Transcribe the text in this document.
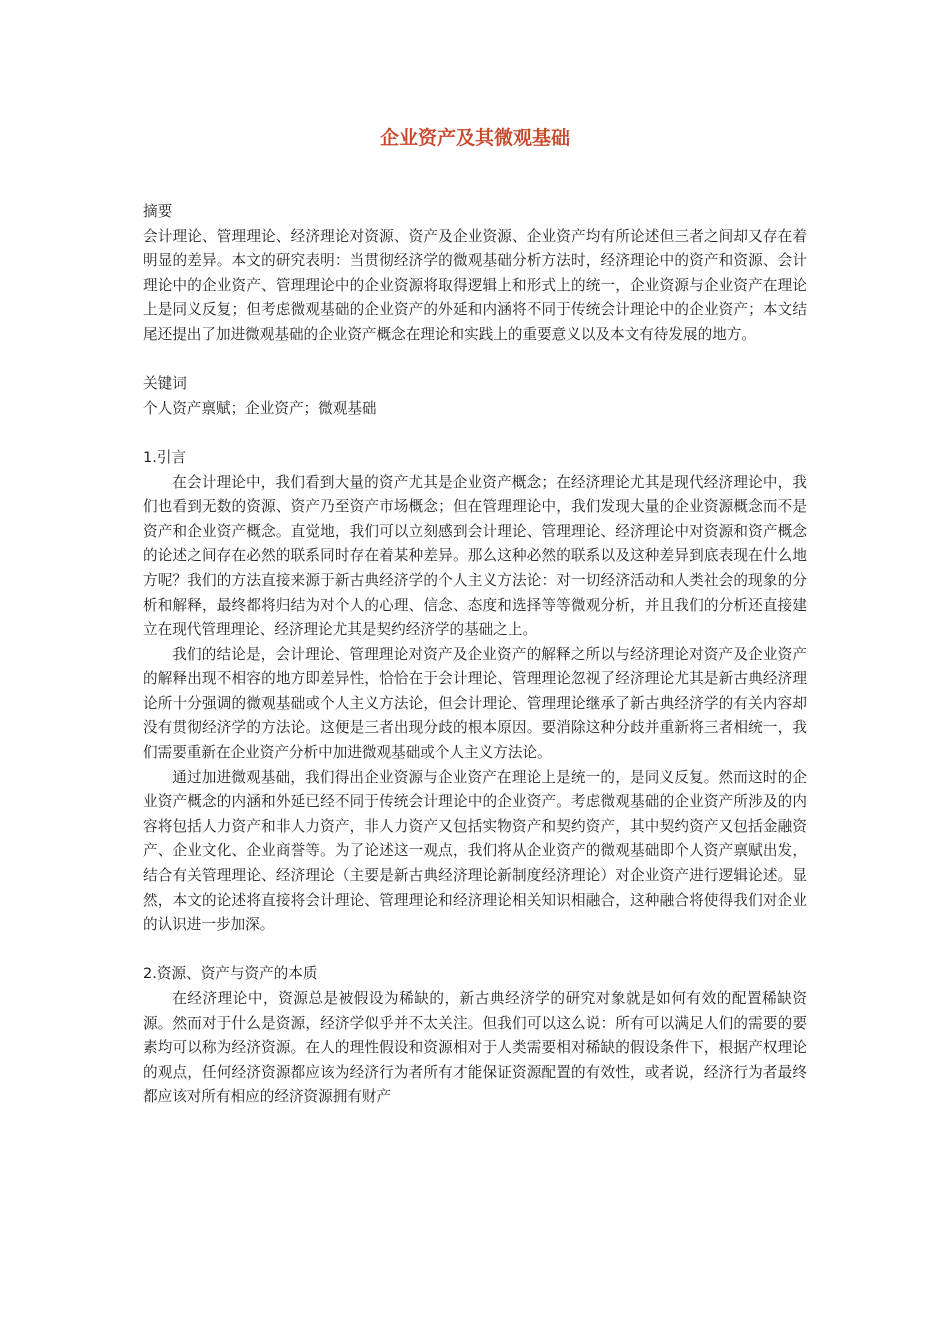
企业资产及其微观基础

摘要

会计理论、管理理论、经济理论对资源、资产及企业资源、企业资产均有所论述但三者之间却又存在着明显的差异。本文的研究表明：当贯彻经济学的微观基础分析方法时，经济理论中的资产和资源、会计理论中的企业资产、管理理论中的企业资源将取得逻辑上和形式上的统一，企业资源与企业资产在理论上是同义反复；但考虑微观基础的企业资产的外延和内涵将不同于传统会计理论中的企业资产；本文结尾还提出了加进微观基础的企业资产概念在理论和实践上的重要意义以及本文有待发展的地方。

关键词

个人资产禀赋；企业资产；微观基础

1.引言

在会计理论中，我们看到大量的资产尤其是企业资产概念；在经济理论尤其是现代经济理论中，我们也看到无数的资源、资产乃至资产市场概念；但在管理理论中，我们发现大量的企业资源概念而不是资产和企业资产概念。直觉地，我们可以立刻感到会计理论、管理理论、经济理论中对资源和资产概念的论述之间存在必然的联系同时存在着某种差异。那么这种必然的联系以及这种差异到底表现在什么地方呢？我们的方法直接来源于新古典经济学的个人主义方法论：对一切经济活动和人类社会的现象的分析和解释，最终都将归结为对个人的心理、信念、态度和选择等等微观分析，并且我们的分析还直接建立在现代管理理论、经济理论尤其是契约经济学的基础之上。

我们的结论是，会计理论、管理理论对资产及企业资产的解释之所以与经济理论对资产及企业资产的解释出现不相容的地方即差异性，恰恰在于会计理论、管理理论忽视了经济理论尤其是新古典经济理论所十分强调的微观基础或个人主义方法论，但会计理论、管理理论继承了新古典经济学的有关内容却没有贯彻经济学的方法论。这便是三者出现分歧的根本原因。要消除这种分歧并重新将三者相统一，我们需要重新在企业资产分析中加进微观基础或个人主义方法论。

通过加进微观基础，我们得出企业资源与企业资产在理论上是统一的，是同义反复。然而这时的企业资产概念的内涵和外延已经不同于传统会计理论中的企业资产。考虑微观基础的企业资产所涉及的内容将包括人力资产和非人力资产，非人力资产又包括实物资产和契约资产，其中契约资产又包括金融资产、企业文化、企业商誉等。为了论述这一观点，我们将从企业资产的微观基础即个人资产禀赋出发，结合有关管理理论、经济理论（主要是新古典经济理论新制度经济理论）对企业资产进行逻辑论述。显然，本文的论述将直接将会计理论、管理理论和经济理论相关知识相融合，这种融合将使得我们对企业的认识进一步加深。

2.资源、资产与资产的本质

在经济理论中，资源总是被假设为稀缺的，新古典经济学的研究对象就是如何有效的配置稀缺资源。然而对于什么是资源，经济学似乎并不太关注。但我们可以这么说：所有可以满足人们的需要的要素均可以称为经济资源。在人的理性假设和资源相对于人类需要相对稀缺的假设条件下，根据产权理论的观点，任何经济资源都应该为经济行为者所有才能保证资源配置的有效性，或者说，经济行为者最终都应该对所有相应的经济资源拥有财产
